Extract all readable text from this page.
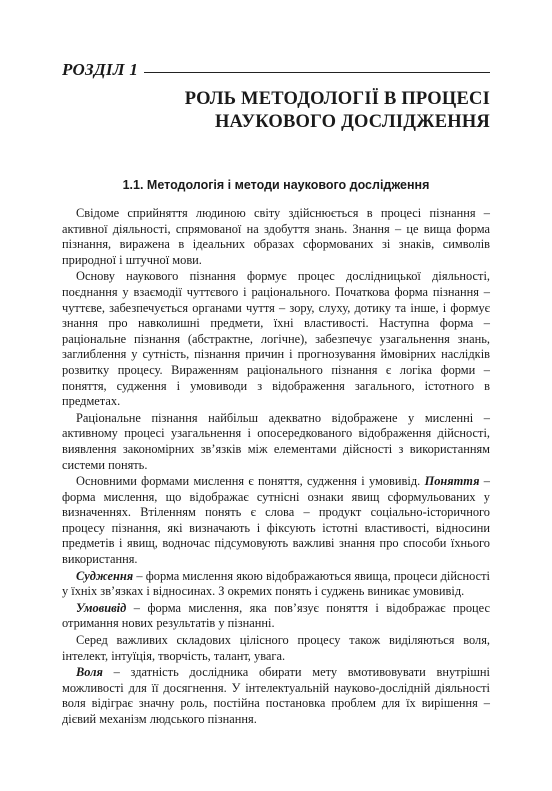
РОЗДІЛ 1
РОЛЬ МЕТОДОЛОГІЇ В ПРОЦЕСІ
НАУКОВОГО ДОСЛІДЖЕННЯ
1.1. Методологія і методи наукового дослідження

Свідоме сприйняття людиною світу здійснюється в процесі пізнання – активної діяльності, спрямованої на здобуття знань. Знання – це вища форма пізнання, виражена в ідеальних образах сформованих зі знаків, символів природної і штучної мови.

Основу наукового пізнання формує процес дослідницької діяльності, поєднання у взаємодії чуттєвого і раціонального. Початкова форма пізнання –чуттєве, забезпечується органами чуття – зору, слуху, дотику та інше, і формує знання про навколишні предмети, їхні властивості. Наступна форма –раціональне пізнання (абстрактне, логічне), забезпечує узагальнення знань, заглиблення у сутність, пізнання причин і прогнозування ймовірних наслідків розвитку процесу. Вираженням раціонального пізнання є логіка форми – поняття, судження і умовиводи з відображення загального, істотного в предметах.

Раціональне пізнання найбільш адекватно відображене у мисленні – активному процесі узагальнення і опосередкованого відображення дійсності, виявлення закономірних зв’язків між елементами дійсності з використанням системи понять.

Основними формами мислення є поняття, судження і умовивід. Поняття – форма мислення, що відображає сутнісні ознаки явищ сформульованих у визначеннях. Втіленням понять є слова – продукт соціально-історичного процесу пізнання, які визначають і фіксують істотні властивості, відносини предметів і явищ, водночас підсумовують важливі знання про способи їхнього використання.

Судження – форма мислення якою відображаються явища, процеси дійсності у їхніх зв’язках і відносинах. З окремих понять і суджень виникає умовивід.

Умовивід – форма мислення, яка пов’язує поняття і відображає процес отримання нових результатів у пізнанні.

Серед важливих складових цілісного процесу також виділяються воля, інтелект, інтуїція, творчість, талант, увага.

Воля – здатність дослідника обирати мету вмотивовувати внутрішні можливості для її досягнення. У інтелектуальній науково-дослідній діяльності воля відіграє значну роль, постійна постановка проблем для їх вирішення – дієвий механізм людського пізнання.
